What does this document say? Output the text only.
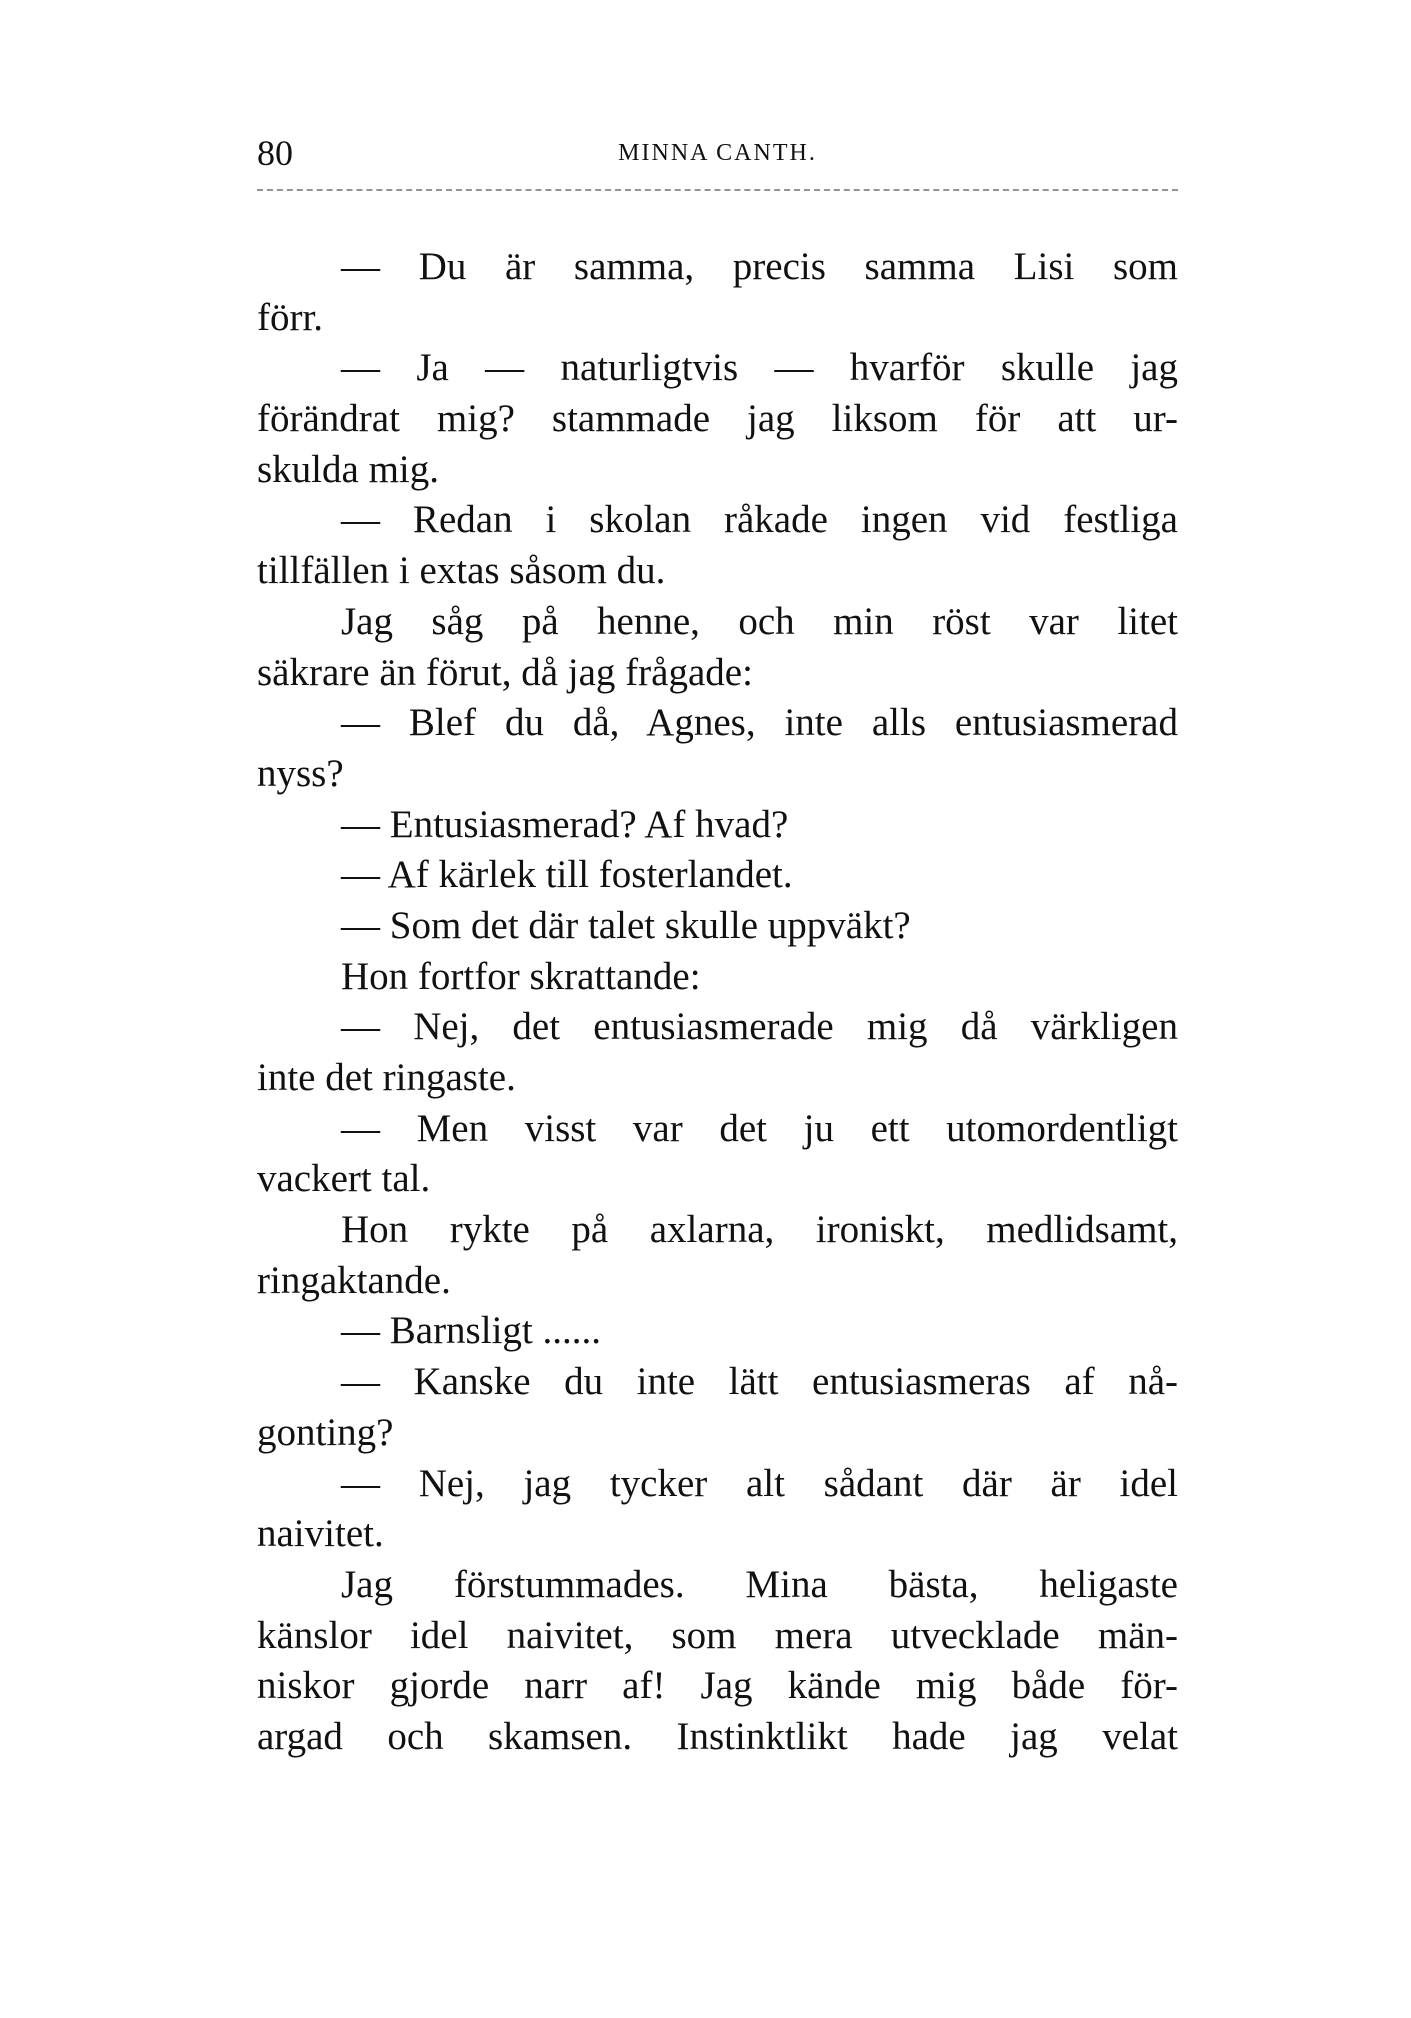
80	MINNA CANTH.
— Du är samma, precis samma Lisi som
förr.
— Ja — naturligtvis — hvarför skulle jag
förändrat mig? stammade jag liksom för att ur-
skulda mig.
— Redan i skolan råkade ingen vid festliga
tillfällen i extas såsom du.
Jag såg på henne, och min röst var litet
säkrare än förut, då jag frågade:
— Blef du då, Agnes, inte alls entusiasmerad
nyss?
— Entusiasmerad? Af hvad?
— Af kärlek till fosterlandet.
— Som det där talet skulle uppväkt?
Hon fortfor skrattande:
— Nej, det entusiasmerade mig då värkligen
inte det ringaste.
— Men visst var det ju ett utomordentligt
vackert tal.
Hon rykte på axlarna, ironiskt, medlidsamt,
ringaktande.
— Barnsligt ......
— Kanske du inte lätt entusiasmeras af nå-
gonting?
— Nej, jag tycker alt sådant där är idel
naivitet.
Jag förstummades. Mina bästa, heligaste
känslor idel naivitet, som mera utvecklade män-
niskor gjorde narr af! Jag kände mig både för-
argad och skamsen. Instinktlikt hade jag velat
